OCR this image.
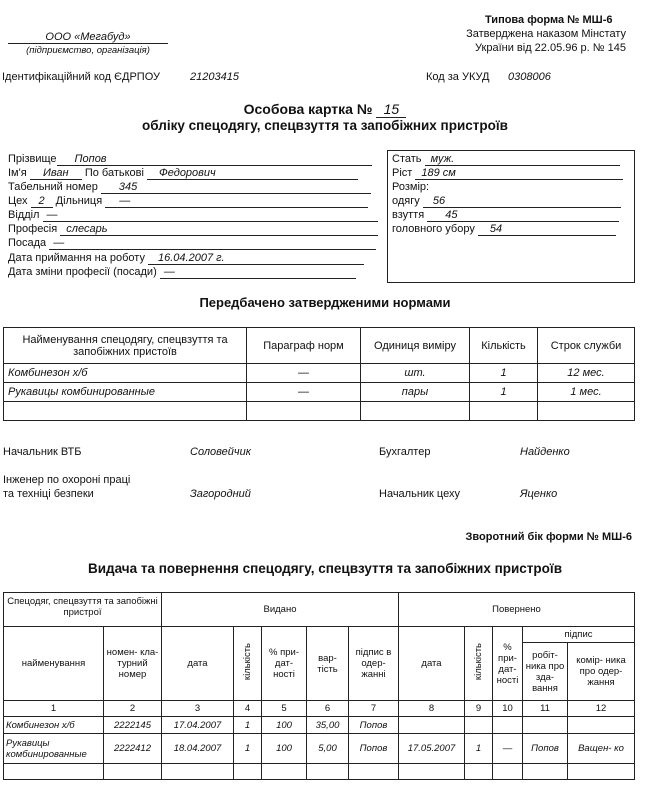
Типова форма № МШ-6
Затверджена наказом Мінстату
України від 22.05.96 р. № 145
ООО «Мегабуд»
(підприємство, організація)
Ідентифікаційний код ЄДРПОУ	21203415	Код за УКУД 0308006
Особова картка № 15
обліку спецодягу, спецвзуття та запобіжних пристроїв
Прізвище Попов
Ім'я Иван По батькові Федорович
Табельний номер 345
Цех 2 Дільниця —
Відділ —
Професія слесарь
Посада —
Дата приймання на роботу 16.04.2007 г.
Дата зміни професії (посади) —
Стать муж.
Ріст 189 см
Розмір:
одягу 56
взуття 45
головного убору 54
Передбачено затвердженими нормами
Найменування спецодягу, спецвзуття та запобіжних пристоїв	Параграф норм	Одиниця виміру	Кількість	Строк служби
Комбинезон х/б	—	шт.	1	12 мес.
Рукавицы комбинированные	—	пары	1	1 мес.

Начальник ВТБ	Соловейчик	Бухгалтер	Найденко
Інженер по охороні праці
та техніці безпеки	Загородний	Начальник цеху	Яценко
Зворотний бік форми № МШ-6
Видача та повернення спецодягу, спецвзуття та запобіжних пристроїв
Спецодяг, спецвзуття та запобіжні пристрої		Видано					Повернено				
найменування	номен- кла- турний номер	дата	кількість	% при- дат- ності	вар- тість	підпис в одер- жанні	дата	кількість	% при- дат- ності	підпис	
										робіт- ника про зда- вання	комір- ника про одер- жання
1	2	3	4	5	6	7	8	9	10	11	12
Комбинезон х/б	2222145	17.04.2007	1	100	35,00	Попов					
Рукавицы комбинированные	2222412	18.04.2007	1	100	5,00	Попов	17.05.2007	1	—	Попов	Ващен- ко
